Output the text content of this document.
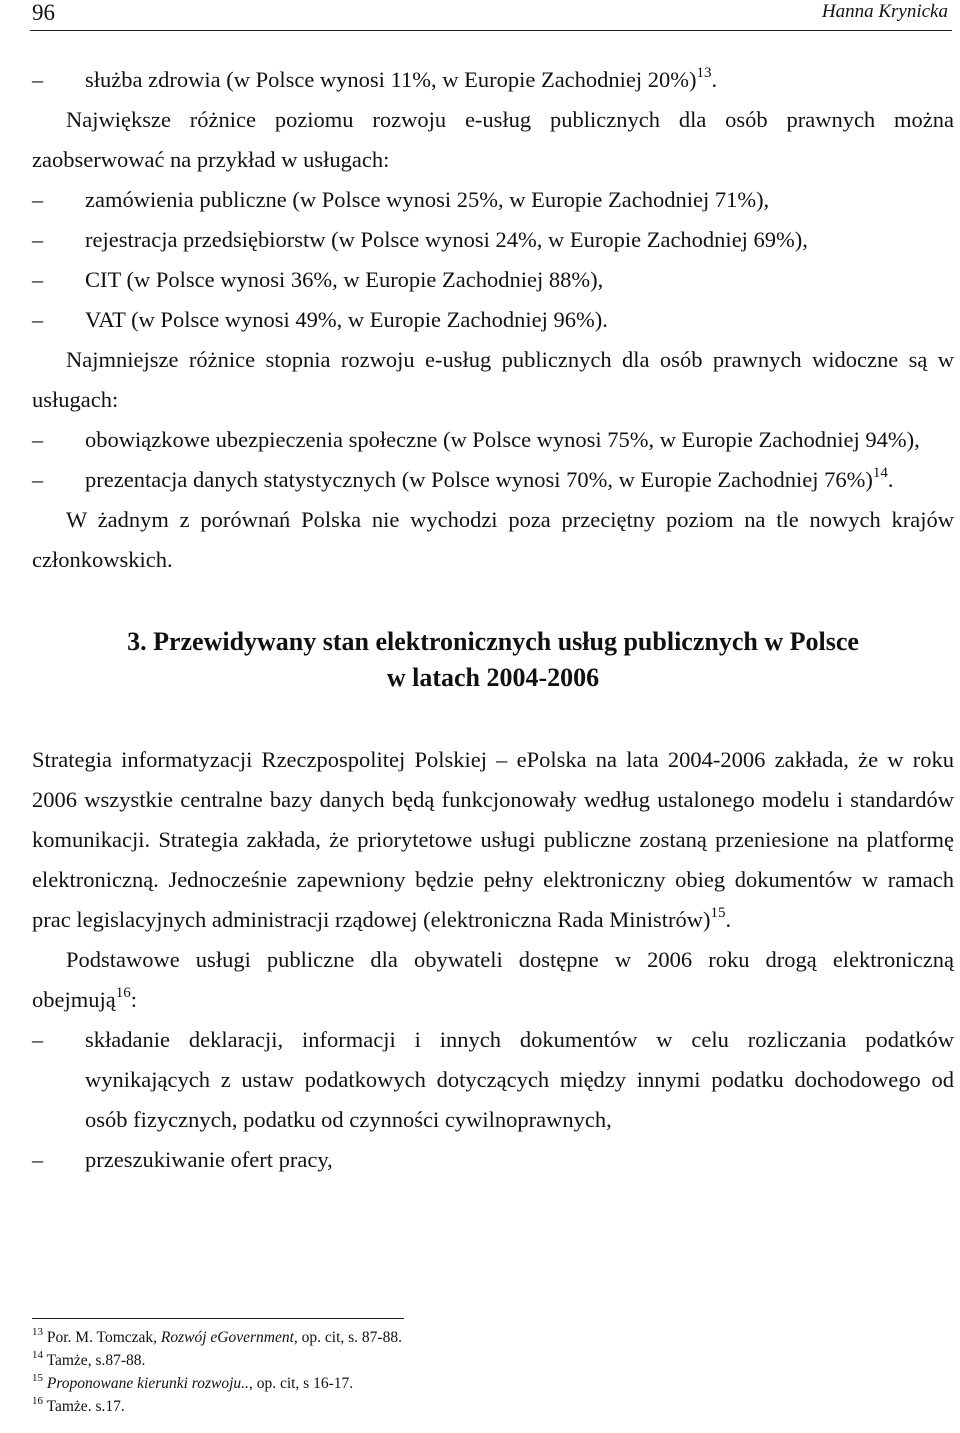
96	Hanna Krynicka
– służba zdrowia (w Polsce wynosi 11%, w Europie Zachodniej 20%)$^{13}$.

Największe różnice poziomu rozwoju e-usług publicznych dla osób prawnych można zaobserwować na przykład w usługach:

– zamówienia publiczne (w Polsce wynosi 25%, w Europie Zachodniej 71%),
– rejestracja przedsiębiorstw (w Polsce wynosi 24%, w Europie Zachodniej 69%),
– CIT (w Polsce wynosi 36%, w Europie Zachodniej 88%),
– VAT (w Polsce wynosi 49%, w Europie Zachodniej 96%).

Najmniejsze różnice stopnia rozwoju e-usług publicznych dla osób prawnych widoczne są w usługach:

– obowiązkowe ubezpieczenia społeczne (w Polsce wynosi 75%, w Europie Zachodniej 94%),
– prezentacja danych statystycznych (w Polsce wynosi 70%, w Europie Zachodniej 76%)$^{14}$.

W żadnym z porównań Polska nie wychodzi poza przeciętny poziom na tle nowych krajów członkowskich.

3. Przewidywany stan elektronicznych usług publicznych w Polsce
w latach 2004-2006

Strategia informatyzacji Rzeczpospolitej Polskiej – ePolska na lata 2004-2006 zakłada, że w roku 2006 wszystkie centralne bazy danych będą funkcjonowały według ustalonego modelu i standardów komunikacji. Strategia zakłada, że priorytetowe usługi publiczne zostaną przeniesione na platformę elektroniczną. Jednocześnie zapewniony będzie pełny elektroniczny obieg dokumentów w ramach prac legislacyjnych administracji rządowej (elektroniczna Rada Ministrów)$^{15}$.

Podstawowe usługi publiczne dla obywateli dostępne w 2006 roku drogą elektroniczną obejmują$^{16}$:

– składanie deklaracji, informacji i innych dokumentów w celu rozliczania podatków wynikających z ustaw podatkowych dotyczących między innymi podatku dochodowego od osób fizycznych, podatku od czynności cywilnoprawnych,
– przeszukiwanie ofert pracy,
$^{13}$ Por. M. Tomczak, Rozwój eGovernment, op. cit, s. 87-88.
$^{14}$ Tamże, s.87-88.
$^{15}$ Proponowane kierunki rozwoju.., op. cit, s 16-17.
$^{16}$ Tamże. s.17.
